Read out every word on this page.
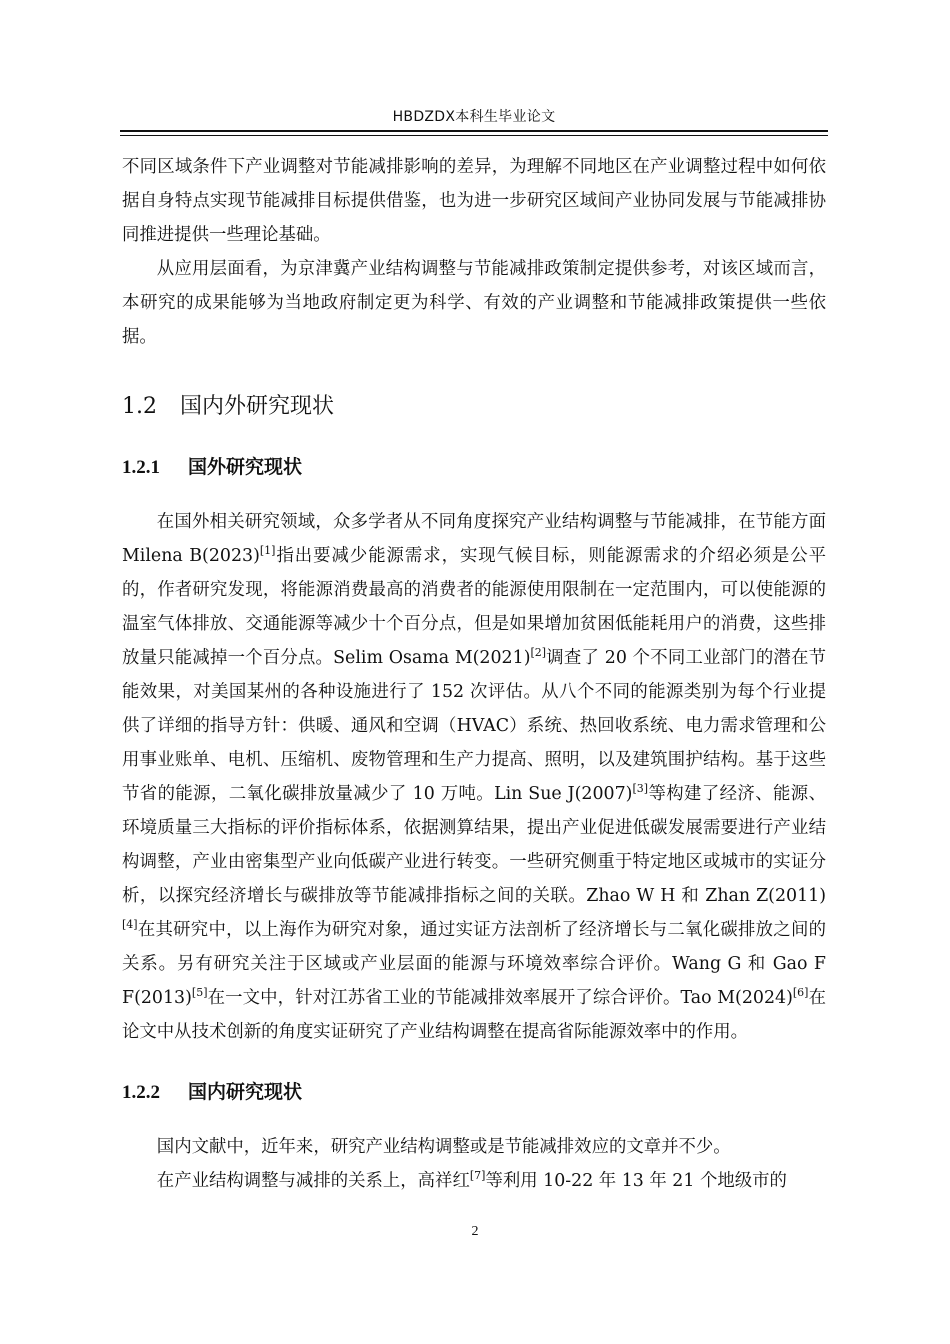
HBDZDX本科生毕业论文

不同区域条件下产业调整对节能减排影响的差异，为理解不同地区在产业调整过程中如何依据自身特点实现节能减排目标提供借鉴，也为进一步研究区域间产业协同发展与节能减排协同推进提供一些理论基础。

从应用层面看，为京津冀产业结构调整与节能减排政策制定提供参考，对该区域而言，本研究的成果能够为当地政府制定更为科学、有效的产业调整和节能减排政策提供一些依据。

1.2 国内外研究现状
1.2.1 国外研究现状

在国外相关研究领域，众多学者从不同角度探究产业结构调整与节能减排，在节能方面 Milena B(2023)[1]指出要减少能源需求，实现气候目标，则能源需求的介绍必须是公平的，作者研究发现，将能源消费最高的消费者的能源使用限制在一定范围内，可以使能源的温室气体排放、交通能源等减少十个百分点，但是如果增加贫困低能耗用户的消费，这些排放量只能减掉一个百分点。Selim Osama M(2021)[2]调查了 20 个不同工业部门的潜在节能效果，对美国某州的各种设施进行了 152 次评估。从八个不同的能源类别为每个行业提供了详细的指导方针：供暖、通风和空调（HVAC）系统、热回收系统、电力需求管理和公用事业账单、电机、压缩机、废物管理和生产力提高、照明，以及建筑围护结构。基于这些节省的能源，二氧化碳排放量减少了 10 万吨。Lin Sue J(2007)[3]等构建了经济、能源、环境质量三大指标的评价指标体系，依据测算结果，提出产业促进低碳发展需要进行产业结构调整，产业由密集型产业向低碳产业进行转变。一些研究侧重于特定地区或城市的实证分析，以探究经济增长与碳排放等节能减排指标之间的关联。Zhao W H 和 Zhan Z(2011)[4]在其研究中，以上海作为研究对象，通过实证方法剖析了经济增长与二氧化碳排放之间的关系。另有研究关注于区域或产业层面的能源与环境效率综合评价。Wang G 和 Gao F F(2013)[5]在一文中，针对江苏省工业的节能减排效率展开了综合评价。Tao M(2024)[6]在论文中从技术创新的角度实证研究了产业结构调整在提高省际能源效率中的作用。

1.2.2 国内研究现状

国内文献中，近年来，研究产业结构调整或是节能减排效应的文章并不少。

在产业结构调整与减排的关系上，高祥红[7]等利用 10-22 年 13 年 21 个地级市的

2
